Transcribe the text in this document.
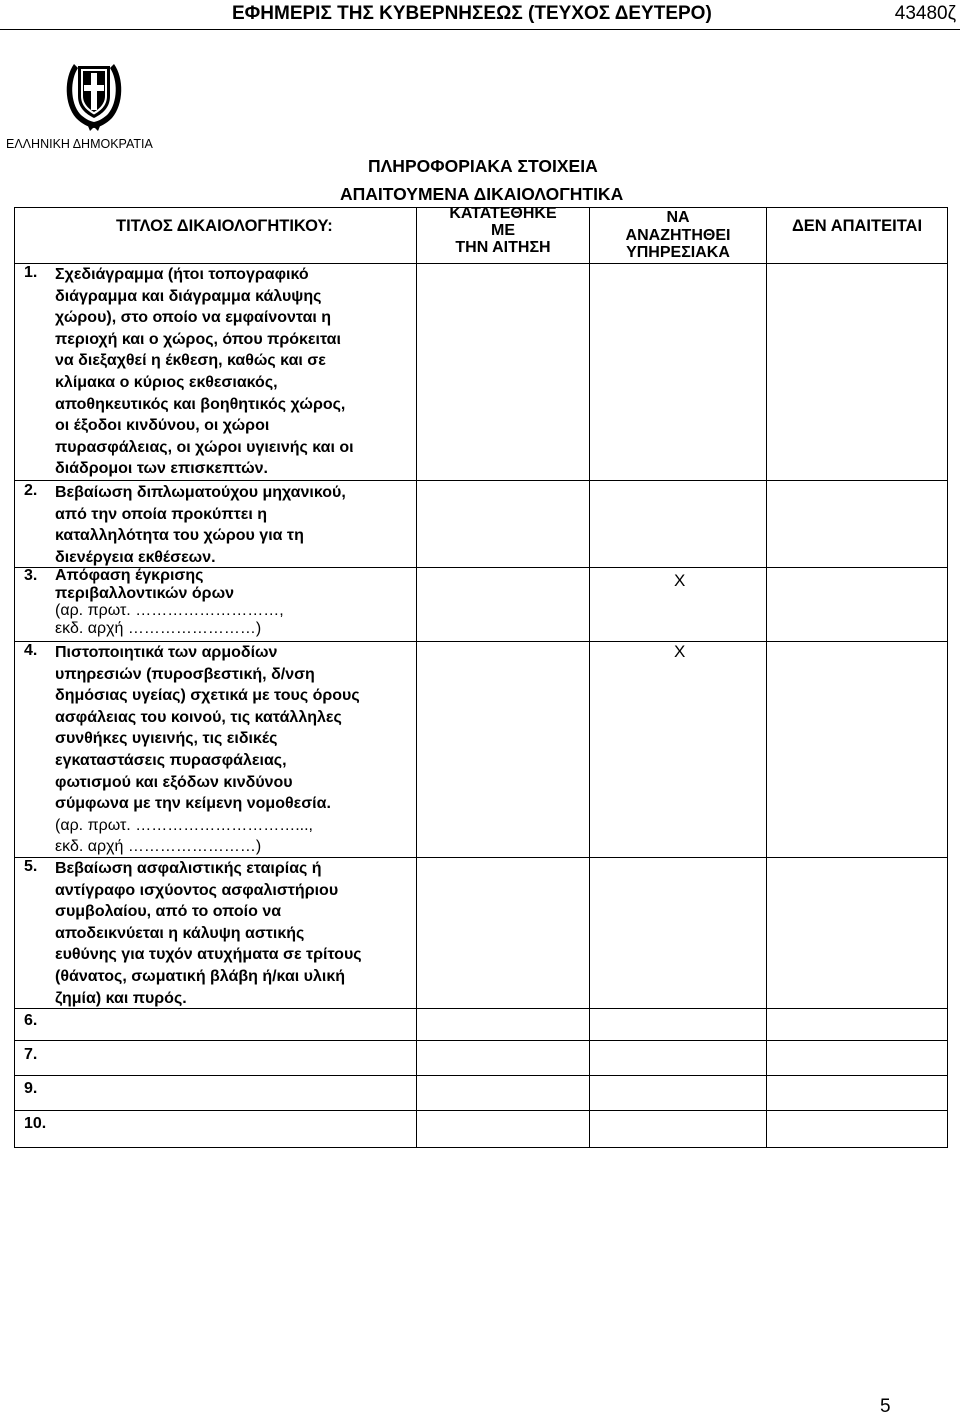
ΕΦΗΜΕΡΙΣ ΤΗΣ ΚΥΒΕΡΝΗΣΕΩΣ (ΤΕΥΧΟΣ ΔΕΥΤΕΡΟ)	43480ζ
ΕΛΛΗΝΙΚΗ ΔΗΜΟΚΡΑΤΙΑ
ΠΛΗΡΟΦΟΡΙΑΚΑ ΣΤΟΙΧΕΙΑ
ΑΠΑΙΤΟΥΜΕΝΑ ΔΙΚΑΙΟΛΟΓΗΤΙΚΑ
ΤΙΤΛΟΣ ΔΙΚΑΙΟΛΟΓΗΤΙΚΟΥ:
ΚΑΤΑΤΕΘΗΚΕ
ΜΕ
ΤΗΝ ΑΙΤΗΣΗ
ΝΑ
ΑΝΑΖΗΤΗΘΕΙ
ΥΠΗΡΕΣΙΑΚΑ
ΔΕΝ ΑΠΑΙΤΕΙΤΑΙ
1. Σχεδιάγραμμα (ήτοι τοπογραφικό
διάγραμμα και διάγραμμα κάλυψης
χώρου), στο οποίο να εμφαίνονται η
περιοχή και ο χώρος, όπου πρόκειται
να διεξαχθεί η έκθεση, καθώς και σε
κλίμακα ο κύριος εκθεσιακός,
αποθηκευτικός και βοηθητικός χώρος,
οι έξοδοι κινδύνου, οι χώροι
πυρασφάλειας, οι χώροι υγιεινής και οι
διάδρομοι των επισκεπτών.
2. Βεβαίωση διπλωματούχου μηχανικού,
από την οποία προκύπτει η
καταλληλότητα του χώρου για τη
διενέργεια εκθέσεων.
3. Απόφαση έγκρισης
περιβαλλοντικών όρων
(αρ. πρωτ. ………………………,
εκδ. αρχή ……………………)
Χ
4. Πιστοποιητικά των αρμοδίων
υπηρεσιών (πυροσβεστική, δ/νση
δημόσιας υγείας) σχετικά με τους όρους
ασφάλειας του κοινού, τις κατάλληλες
συνθήκες υγιεινής, τις ειδικές
εγκαταστάσεις πυρασφάλειας,
φωτισμού και εξόδων κινδύνου
σύμφωνα με την κείμενη νομοθεσία.
(αρ. πρωτ. …………………………...,
εκδ. αρχή ……………………)
Χ
5. Βεβαίωση ασφαλιστικής εταιρίας ή
αντίγραφο ισχύοντος ασφαλιστήριου
συμβολαίου, από το οποίο να
αποδεικνύεται η κάλυψη αστικής
ευθύνης για τυχόν ατυχήματα σε τρίτους
(θάνατος, σωματική βλάβη ή/και υλική
ζημία) και πυρός.
6.
7.
9.
10.
5
